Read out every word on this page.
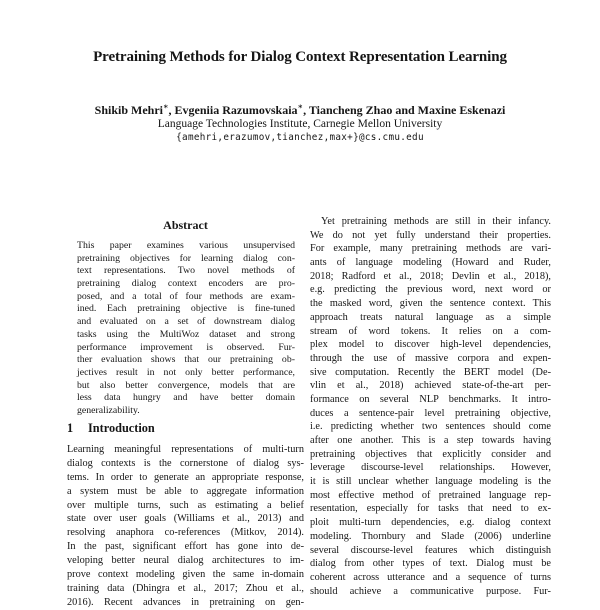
Pretraining Methods for Dialog Context Representation Learning
Shikib Mehri∗, Evgeniia Razumovskaia∗, Tiancheng Zhao and Maxine Eskenazi
Language Technologies Institute, Carnegie Mellon University
{amehri,erazumov,tianchez,max+}@cs.cmu.edu
Abstract
This paper examines various unsupervised
pretraining objectives for learning dialog con-
text representations. Two novel methods of
pretraining dialog context encoders are pro-
posed, and a total of four methods are exam-
ined. Each pretraining objective is fine-tuned
and evaluated on a set of downstream dialog
tasks using the MultiWoz dataset and strong
performance improvement is observed. Fur-
ther evaluation shows that our pretraining ob-
jectives result in not only better performance,
but also better convergence, models that are
less data hungry and have better domain
generalizability.
1 Introduction
Learning meaningful representations of multi-turn
dialog contexts is the cornerstone of dialog sys-
tems. In order to generate an appropriate response,
a system must be able to aggregate information
over multiple turns, such as estimating a belief
state over user goals (Williams et al., 2013) and
resolving anaphora co-references (Mitkov, 2014).
In the past, significant effort has gone into de-
veloping better neural dialog architectures to im-
prove context modeling given the same in-domain
training data (Dhingra et al., 2017; Zhou et al.,
2016). Recent advances in pretraining on gen-
Yet pretraining methods are still in their infancy.
We do not yet fully understand their properties.
For example, many pretraining methods are vari-
ants of language modeling (Howard and Ruder,
2018; Radford et al., 2018; Devlin et al., 2018),
e.g. predicting the previous word, next word or
the masked word, given the sentence context. This
approach treats natural language as a simple
stream of word tokens. It relies on a com-
plex model to discover high-level dependencies,
through the use of massive corpora and expen-
sive computation. Recently the BERT model (De-
vlin et al., 2018) achieved state-of-the-art per-
formance on several NLP benchmarks. It intro-
duces a sentence-pair level pretraining objective,
i.e. predicting whether two sentences should come
after one another. This is a step towards having
pretraining objectives that explicitly consider and
leverage discourse-level relationships. However,
it is still unclear whether language modeling is the
most effective method of pretrained language rep-
resentation, especially for tasks that need to ex-
ploit multi-turn dependencies, e.g. dialog context
modeling. Thornbury and Slade (2006) underline
several discourse-level features which distinguish
dialog from other types of text. Dialog must be
coherent across utterance and a sequence of turns
should achieve a communicative purpose. Fur-
